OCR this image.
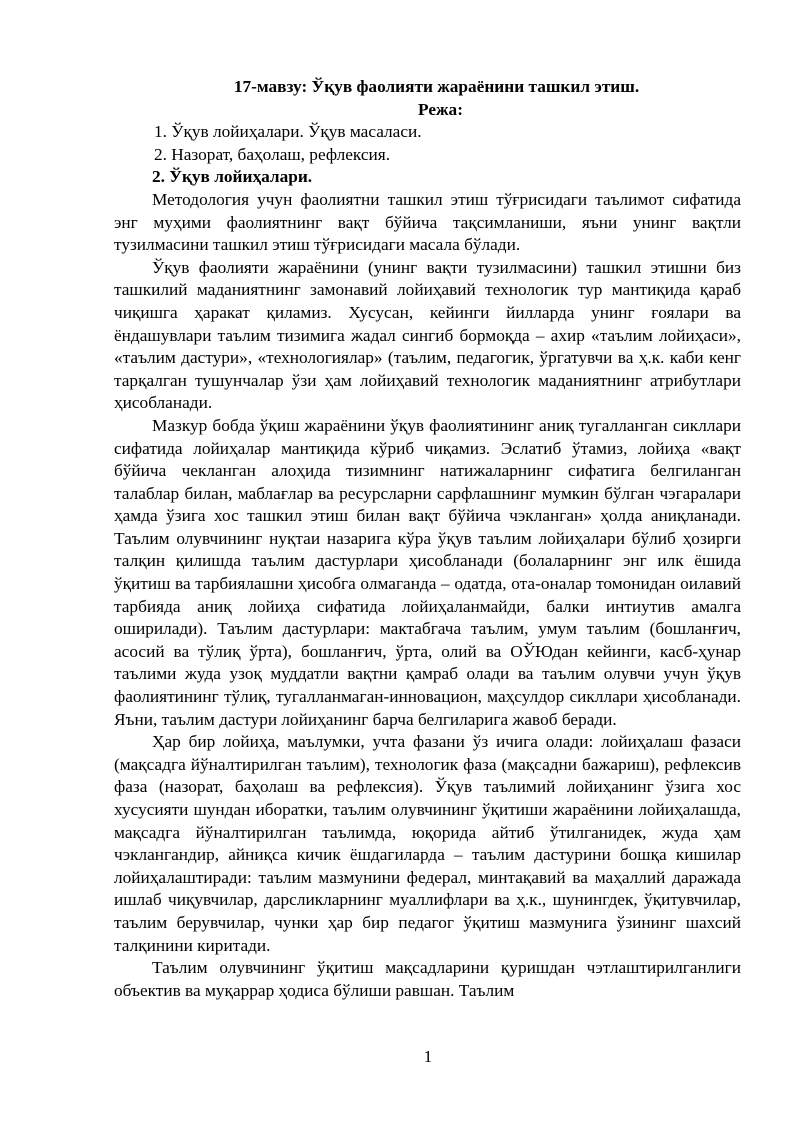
17-мавзу: Ўқув фаолияти жараёнини ташкил этиш.

Режа:

1. Ўқув лойиҳалари. Ўқув масаласи.
2. Назорат, баҳолаш, рефлексия.

2. Ўқув лойиҳалари.

Методология учун фаолиятни ташкил этиш тўғрисидаги таълимот сифатида энг муҳими фаолиятнинг вақт бўйича тақсимланиши, яъни унинг вақтли тузилмасини ташкил этиш тўғрисидаги масала бўлади.

Ўқув фаолияти жараёнини (унинг вақти тузилмасини) ташкил этишни биз ташкилий маданиятнинг замонавий лойиҳавий технологик тур мантиқида қараб чиқишга ҳаракат қиламиз. Хусусан, кейинги йилларда унинг ғоялари ва ёндашувлари таълим тизимига жадал сингиб бормоқда – ахир «таълим лойиҳаси», «таълим дастури», «технологиялар» (таълим, педагогик, ўргатувчи ва ҳ.к. каби кенг тарқалган тушунчалар ўзи ҳам лойиҳавий технологик маданиятнинг атрибутлари ҳисобланади.

Мазкур бобда ўқиш жараёнини ўқув фаолиятининг аниқ тугалланган сикллари сифатида лойиҳалар мантиқида кўриб чиқамиз. Эслатиб ўтамиз, лойиҳа «вақт бўйича чекланган алоҳида тизимнинг натижаларнинг сифатига белгиланган талаблар билан, маблағлар ва ресурсларни сарфлашнинг мумкин бўлган чэгаралари ҳамда ўзига хос ташкил этиш билан вақт бўйича чэкланган» ҳолда аниқланади. Таълим олувчининг нуқтаи назарига кўра ўқув таълим лойиҳалари бўлиб ҳозирги талқин қилишда таълим дастурлари ҳисобланади (болаларнинг энг илк ёшида ўқитиш ва тарбиялашни ҳисобга олмаганда – одатда, ота-оналар томонидан оилавий тарбияда аниқ лойиҳа сифатида лойиҳаланмайди, балки интиутив амалга оширилади). Таълим дастурлари: мактабгача таълим, умум таълим (бошланғич, асосий ва тўлиқ ўрта), бошланғич, ўрта, олий ва ОЎЮдан кейинги, касб-ҳунар таълими жуда узоқ муддатли вақтни қамраб олади ва таълим олувчи учун ўқув фаолиятининг тўлиқ, тугалланмаган-инновацион, маҳсулдор сикллари ҳисобланади. Яъни, таълим дастури лойиҳанинг барча белгиларига жавоб беради.

Ҳар бир лойиҳа, маълумки, учта фазани ўз ичига олади: лойиҳалаш фазаси (мақсадга йўналтирилган таълим), технологик фаза (мақсадни бажариш), рефлексив фаза (назорат, баҳолаш ва рефлексия). Ўқув таълимий лойиҳанинг ўзига хос хусусияти шундан иборатки, таълим олувчининг ўқитиши жараёнини лойиҳалашда, мақсадга йўналтирилган таълимда, юқорида айтиб ўтилганидек, жуда ҳам чэклангандир, айниқса кичик ёшдагиларда – таълим дастурини бошқа кишилар лойиҳалаштиради: таълим мазмунини федерал, минтақавий ва маҳаллий даражада ишлаб чиқувчилар, дарсликларнинг муаллифлари ва ҳ.к., шунингдек, ўқитувчилар, таълим берувчилар, чунки ҳар бир педагог ўқитиш мазмунига ўзининг шахсий талқинини киритади.

Таълим олувчининг ўқитиш мақсадларини қуришдан чэтлаштирилганлиги объектив ва муқаррар ҳодиса бўлиши равшан. Таълим

1
